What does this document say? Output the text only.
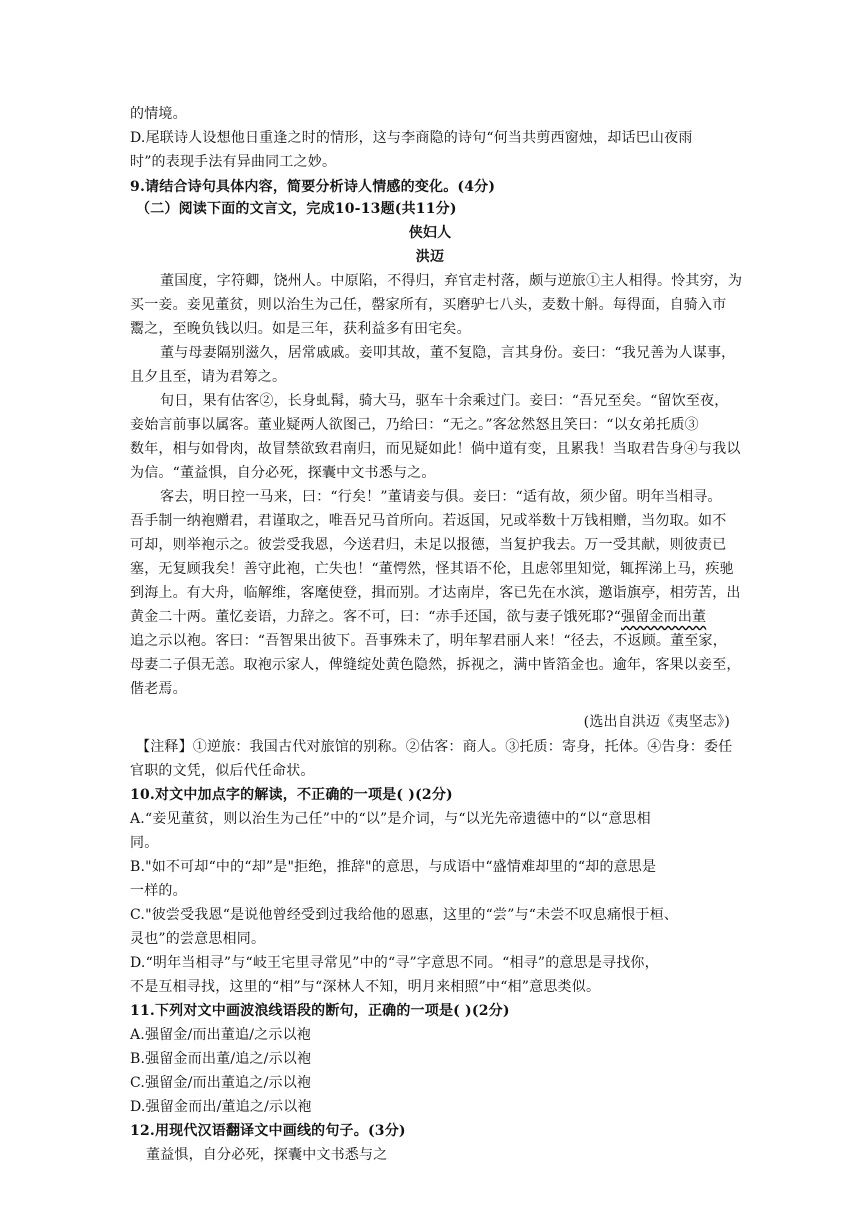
的情境。
D.尾联诗人设想他日重逢之时的情形，这与李商隐的诗句“何当共剪西窗烛，却话巴山夜雨
时”的表现手法有异曲同工之妙。
9.请结合诗句具体内容，简要分析诗人情感的变化。(4分)
（二）阅读下面的文言文，完成10-13题(共11分)
侠妇人
洪迈
董国度，字符卿，饶州人。中原陷，不得归，弃官走村落，颇与逆旅①主人相得。怜其穷，为
买一妾。妾见董贫，则以治生为己任，罄家所有，买磨驴七八头，麦数十斛。每得面，自骑入市
鬻之，至晚负钱以归。如是三年，获利益多有田宅矣。
董与母妻隔别滋久，居常戚戚。妾叩其故，董不复隐，言其身份。妾曰：“我兄善为人谋事，
且夕且至，请为君筹之。
旬日，果有估客②，长身虬髯，骑大马，驱车十余乘过门。妾曰：“吾兄至矣。“留饮至夜，
妾始言前事以属客。董业疑两人欲图己，乃给曰：“无之。”客忿然怒且笑曰：“以女弟托质③
数年，相与如骨肉，故冒禁欲致君南归，而见疑如此！倘中道有变，且累我！当取君告身④与我以
为信。“董益惧，自分必死，探囊中文书悉与之。
客去，明日控一马来，曰：“行矣！”董请妾与俱。妾曰：“适有故，须少留。明年当相寻。
吾手制一纳袍赠君，君谨取之，唯吾兄马首所向。若返国，兄或举数十万钱相赠，当勿取。如不
可却，则举袍示之。彼尝受我恩，今送君归，未足以报德，当复护我去。万一受其献，则彼责已
塞，无复顾我矣！善守此袍，亡失也！“董愕然，怪其语不伦，且虑邻里知觉，辄挥涕上马，疾驰
到海上。有大舟，临解维，客麾使登，揖而别。才达南岸，客已先在水滨，邀诣旗亭，相劳苦，出
黄金二十两。董忆妾语，力辞之。客不可，曰：“赤手还国，欲与妻子饿死耶?“强留金而出董
追之示以袍。客曰：“吾智果出彼下。吾事殊未了，明年挈君丽人来！“径去，不返顾。董至家，
母妻二子俱无恙。取袍示家人，俾缝绽处黄色隐然，拆视之，满中皆箔金也。逾年，客果以妾至，
偕老焉。
(选出自洪迈《夷坚志》)
【注释】①逆旅：我国古代对旅馆的别称。②估客：商人。③托质：寄身，托体。④告身：委任
官职的文凭，似后代任命状。
10.对文中加点字的解读，不正确的一项是( )(2分)
A.“妾见董贫，则以治生为己任”中的“以”是介词，与“以光先帝遗德中的“以“意思相
同。
B."如不可却“中的“却”是"拒绝，推辞"的意思，与成语中“盛情难却里的“却的意思是
一样的。
C."彼尝受我恩“是说他曾经受到过我给他的恩惠，这里的“尝”与“未尝不叹息痛恨于桓、
灵也”的尝意思相同。
D.“明年当相寻”与“岐王宅里寻常见”中的“寻”字意思不同。“相寻”的意思是寻找你，
不是互相寻找，这里的“相”与“深林人不知，明月来相照”中“相”意思类似。
11.下列对文中画波浪线语段的断句，正确的一项是( )(2分)
A.强留金/而出董追/之示以袍
B.强留金而出董/追之/示以袍
C.强留金/而出董追之/示以袍
D.强留金而出/董追之/示以袍
12.用现代汉语翻译文中画线的句子。(3分)
董益惧，自分必死，探囊中文书悉与之
